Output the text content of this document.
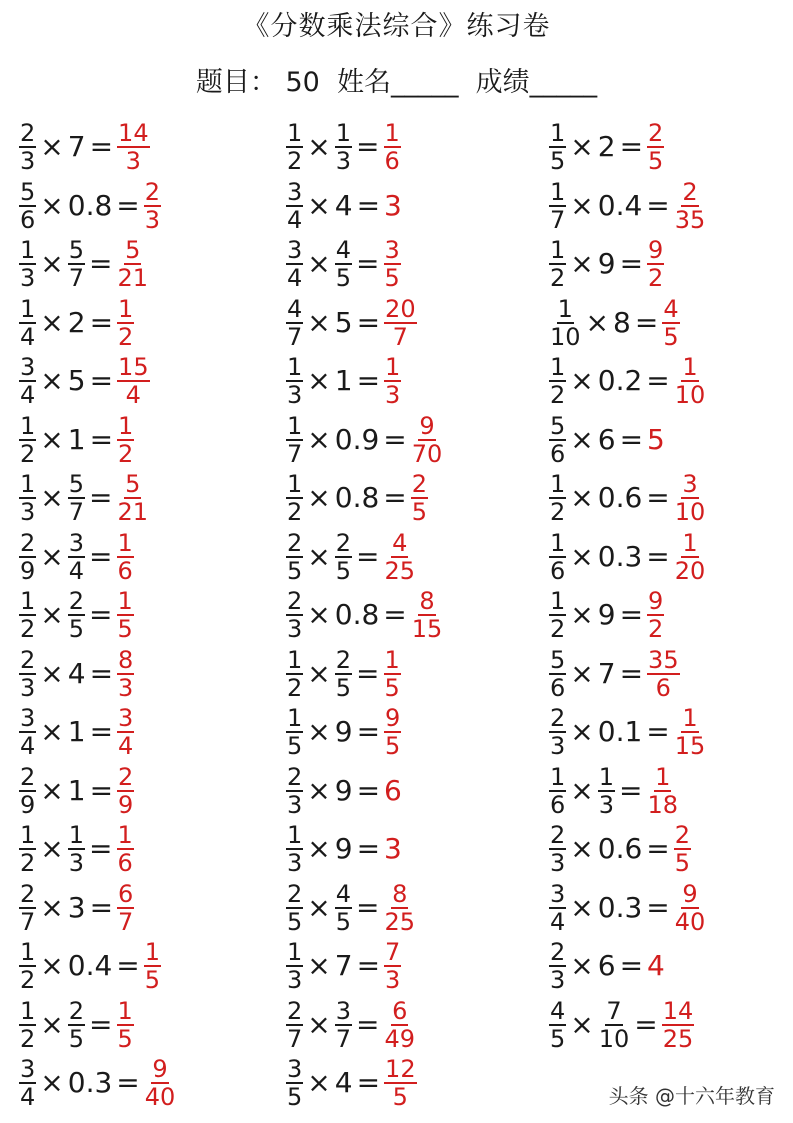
《分数乘法综合》练习卷
题目： 50  姓名_____  成绩_____
$\frac{2}{3} \times 7 = \frac{14}{3}$
$\frac{5}{6} \times 0.8 = \frac{2}{3}$
$\frac{1}{3} \times \frac{5}{7} = \frac{5}{21}$
$\frac{1}{4} \times 2 = \frac{1}{2}$
$\frac{3}{4} \times 5 = \frac{15}{4}$
$\frac{1}{2} \times 1 = \frac{1}{2}$
$\frac{1}{3} \times \frac{5}{7} = \frac{5}{21}$
$\frac{2}{9} \times \frac{3}{4} = \frac{1}{6}$
$\frac{1}{2} \times \frac{2}{5} = \frac{1}{5}$
$\frac{2}{3} \times 4 = \frac{8}{3}$
$\frac{3}{4} \times 1 = \frac{3}{4}$
$\frac{2}{9} \times 1 = \frac{2}{9}$
$\frac{1}{2} \times \frac{1}{3} = \frac{1}{6}$
$\frac{2}{7} \times 3 = \frac{6}{7}$
$\frac{1}{2} \times 0.4 = \frac{1}{5}$
$\frac{1}{2} \times \frac{2}{5} = \frac{1}{5}$
$\frac{3}{4} \times 0.3 = \frac{9}{40}$
$\frac{1}{2} \times \frac{1}{3} = \frac{1}{6}$
$\frac{3}{4} \times 4 = 3$
$\frac{3}{4} \times \frac{4}{5} = \frac{3}{5}$
$\frac{4}{7} \times 5 = \frac{20}{7}$
$\frac{1}{3} \times 1 = \frac{1}{3}$
$\frac{1}{7} \times 0.9 = \frac{9}{70}$
$\frac{1}{2} \times 0.8 = \frac{2}{5}$
$\frac{2}{5} \times \frac{2}{5} = \frac{4}{25}$
$\frac{2}{3} \times 0.8 = \frac{8}{15}$
$\frac{1}{2} \times \frac{2}{5} = \frac{1}{5}$
$\frac{1}{5} \times 9 = \frac{9}{5}$
$\frac{2}{3} \times 9 = 6$
$\frac{1}{3} \times 9 = 3$
$\frac{2}{5} \times \frac{4}{5} = \frac{8}{25}$
$\frac{1}{3} \times 7 = \frac{7}{3}$
$\frac{2}{7} \times \frac{3}{7} = \frac{6}{49}$
$\frac{3}{5} \times 4 = \frac{12}{5}$
$\frac{1}{5} \times 2 = \frac{2}{5}$
$\frac{1}{7} \times 0.4 = \frac{2}{35}$
$\frac{1}{2} \times 9 = \frac{9}{2}$
$\frac{1}{10} \times 8 = \frac{4}{5}$
$\frac{1}{2} \times 0.2 = \frac{1}{10}$
$\frac{5}{6} \times 6 = 5$
$\frac{1}{2} \times 0.6 = \frac{3}{10}$
$\frac{1}{6} \times 0.3 = \frac{1}{20}$
$\frac{1}{2} \times 9 = \frac{9}{2}$
$\frac{5}{6} \times 7 = \frac{35}{6}$
$\frac{2}{3} \times 0.1 = \frac{1}{15}$
$\frac{1}{6} \times \frac{1}{3} = \frac{1}{18}$
$\frac{2}{3} \times 0.6 = \frac{2}{5}$
$\frac{3}{4} \times 0.3 = \frac{9}{40}$
$\frac{2}{3} \times 6 = 4$
$\frac{4}{5} \times \frac{7}{10} = \frac{14}{25}$
头条 @十六年教育
